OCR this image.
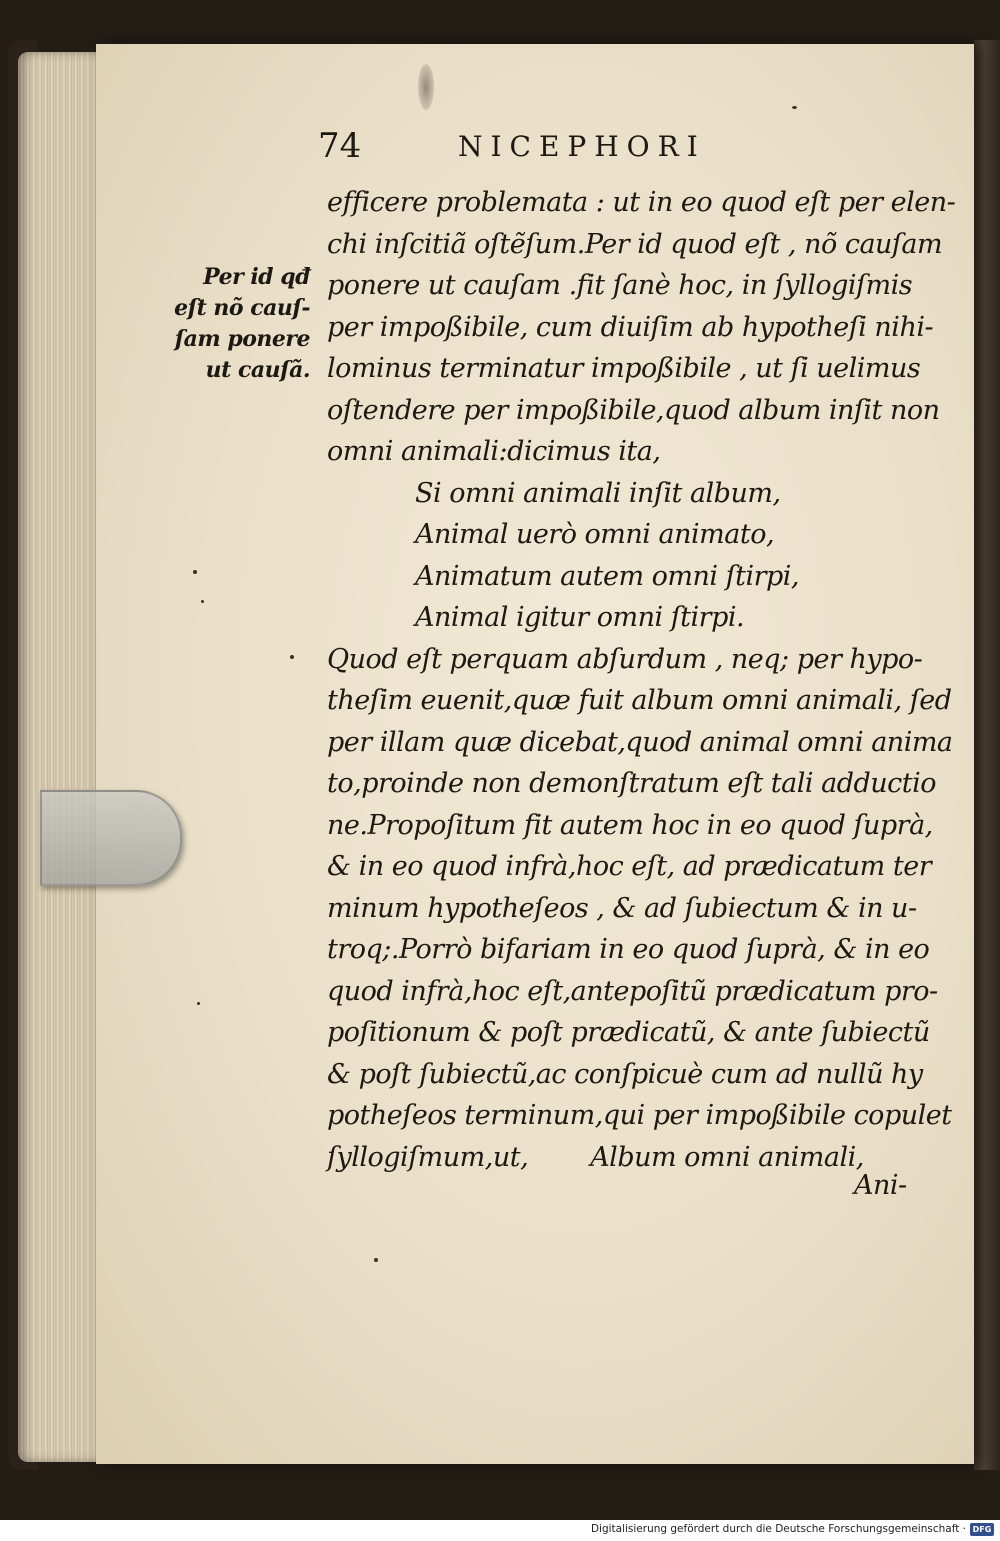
74	NICEPHORI
Per id qđ
eſt nõ cauſ-
ſam ponere
ut cauſã.
efficere problemata : ut in eo quod eſt per elen-
chi inſcitiã oſtẽſum.Per id quod eſt , nõ cauſam
ponere ut cauſam .fit ſanè hoc, in ſyllogiſmis
per impoßibile, cum diuiſim ab hypotheſi nihi-
lominus terminatur impoßibile , ut ſi uelimus
oſtendere per impoßibile,quod album inſit non
omni animali:dicimus ita,
Si omni animali inſit album,
Animal uerò omni animato,
Animatum autem omni ſtirpi,
Animal igitur omni ſtirpi.
Quod eſt perquam abſurdum , neq; per hypo-
theſim euenit,quæ fuit album omni animali, ſed
per illam quæ dicebat,quod animal omni anima
to,proinde non demonſtratum eſt tali adductio
ne.Propoſitum fit autem hoc in eo quod ſuprà,
& in eo quod infrà,hoc eſt, ad prædicatum ter
minum hypotheſeos , & ad ſubiectum & in u-
troq;.Porrò bifariam in eo quod ſuprà, & in eo
quod infrà,hoc eſt,antepoſitũ prædicatum pro-
poſitionum & poſt prædicatũ, & ante ſubiectũ
& poſt ſubiectũ,ac conſpicuè cum ad nullũ hy
potheſeos terminum,qui per impoßibile copulet
ſyllogiſmum,ut, Album omni animali,
Ani-
Digitalisierung gefördert durch die Deutsche Forschungsgemeinschaft · DFG
